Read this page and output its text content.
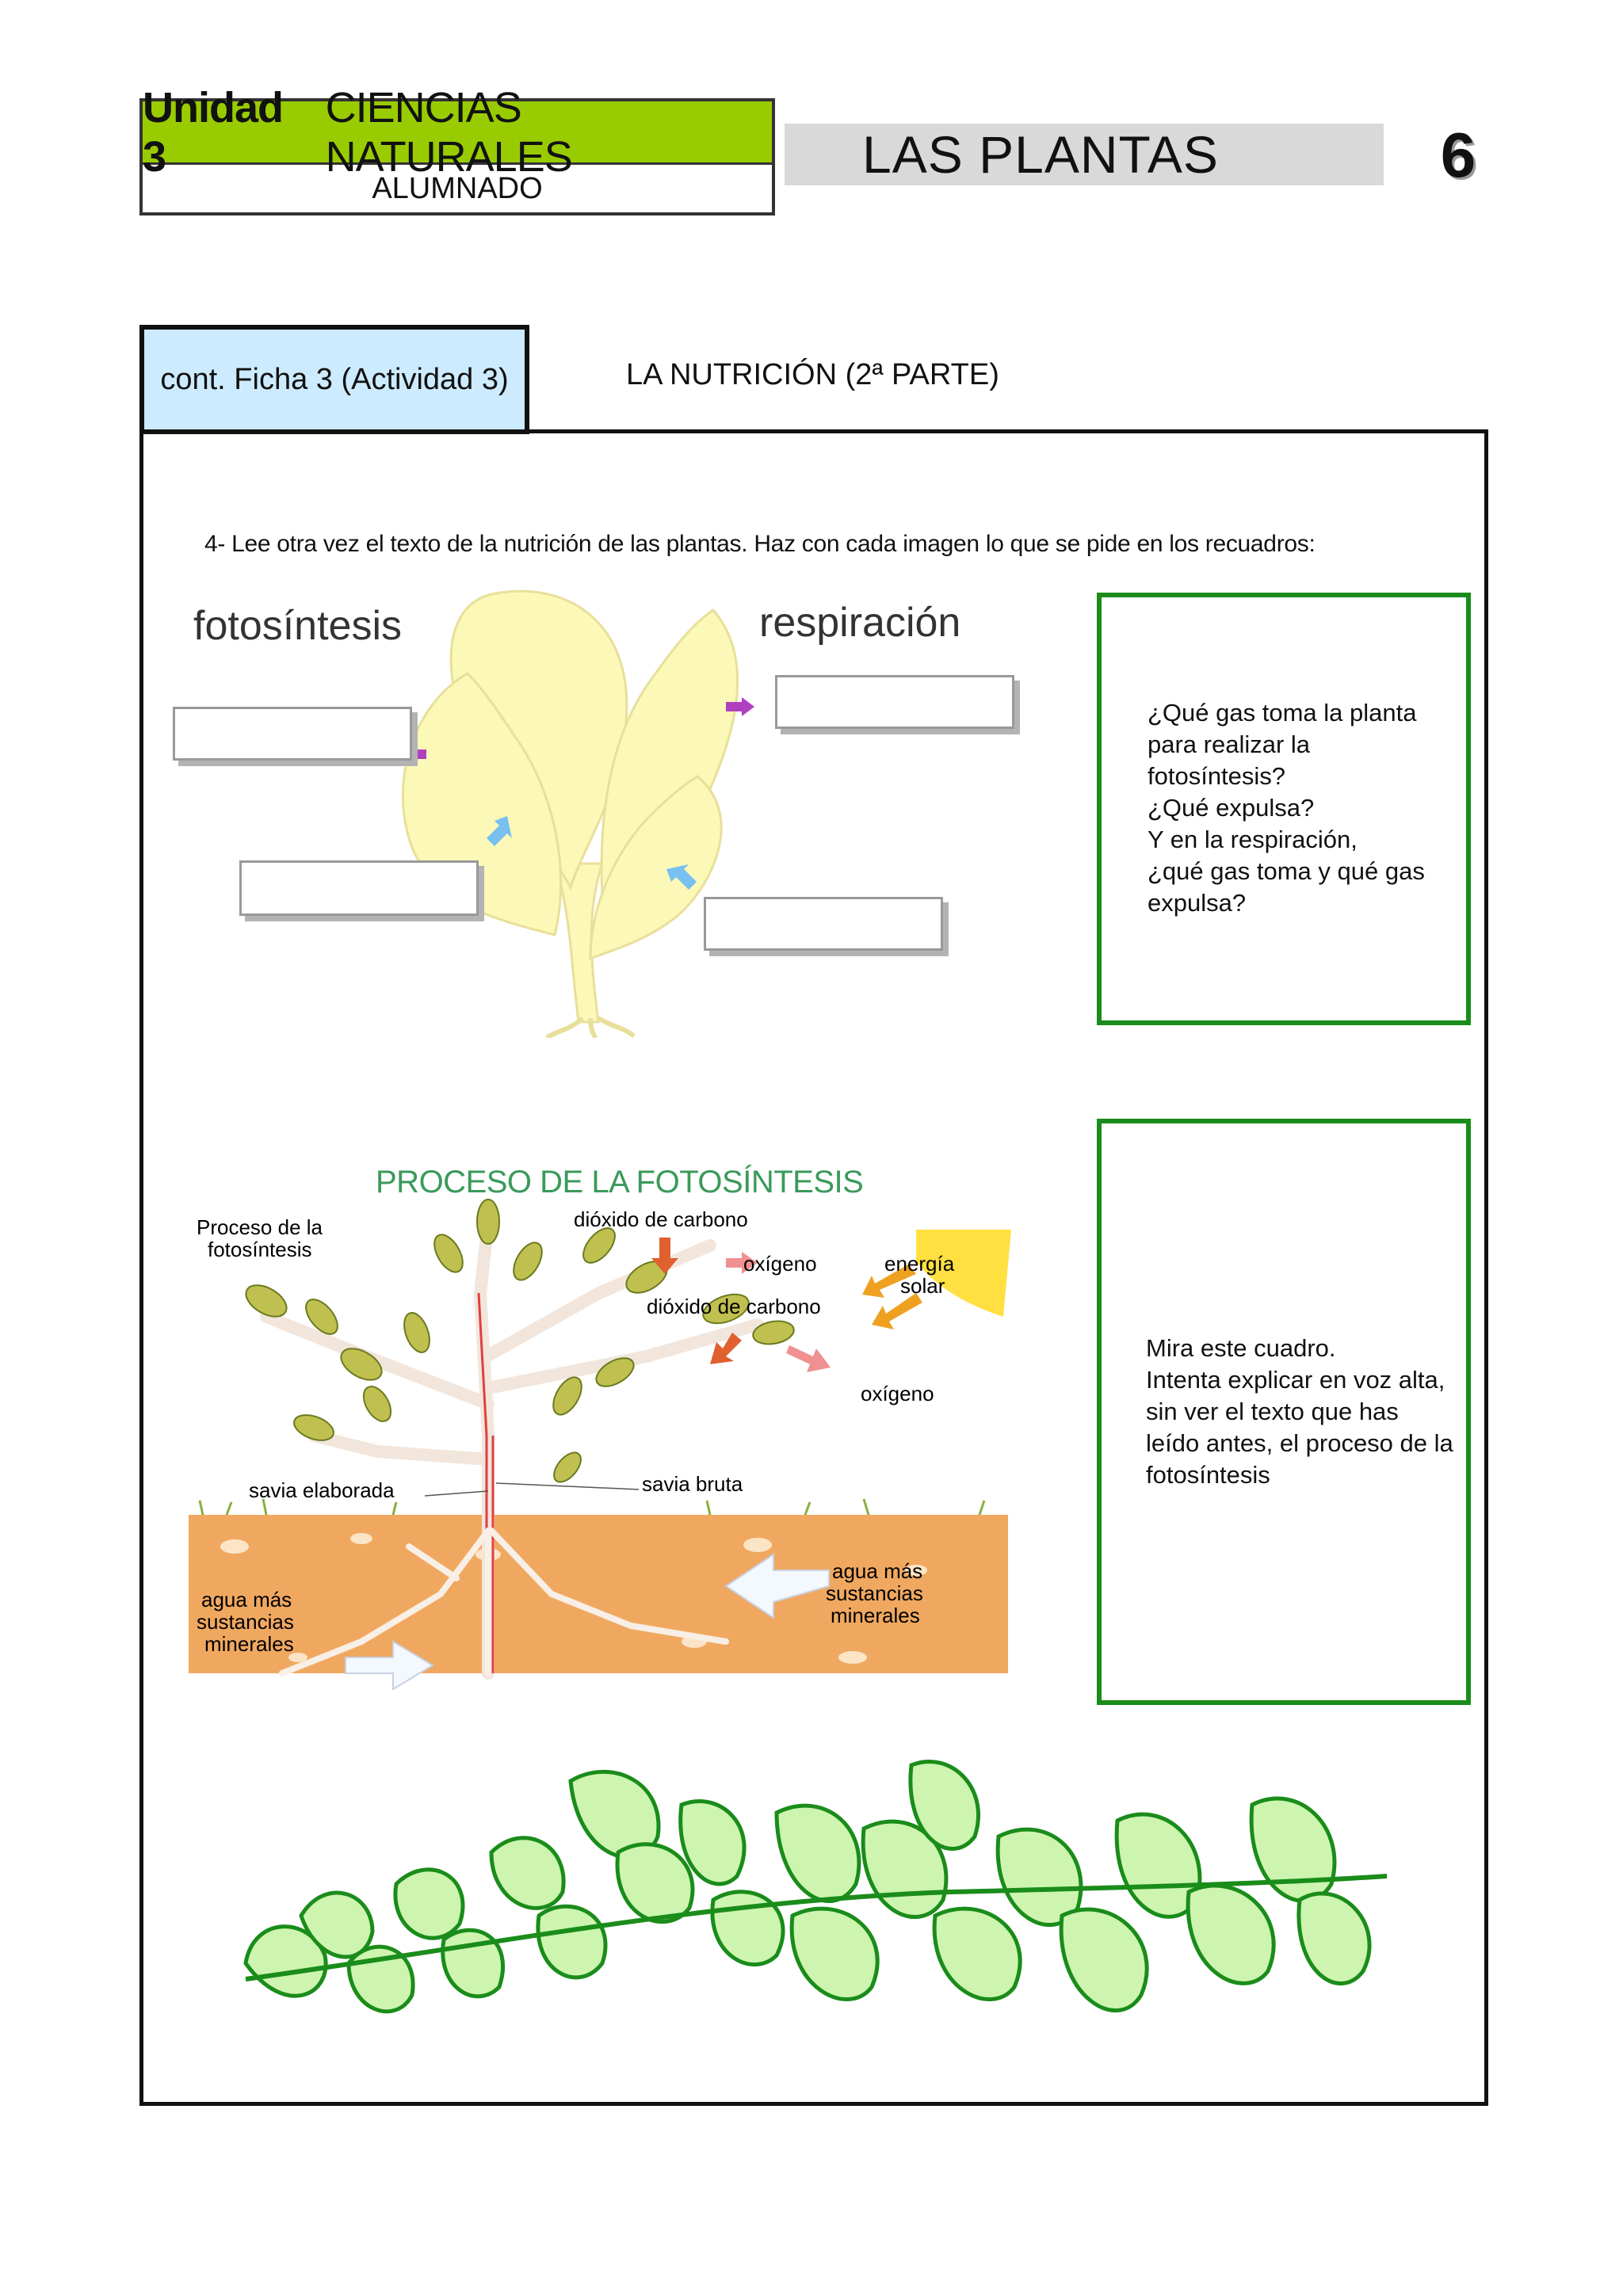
Unidad 3
CIENCIAS NATURALES
ALUMNADO
LAS PLANTAS	6
cont. Ficha 3 (Actividad 3)	LA NUTRICIÓN (2ª PARTE)
4- Lee otra vez el texto de la nutrición de las plantas. Haz con cada imagen lo que se pide en los recuadros:
fotosíntesis	respiración
¿Qué gas toma la planta
para realizar la
fotosíntesis?
¿Qué expulsa?
Y en la respiración,
¿qué gas toma y qué gas
expulsa?
PROCESO DE LA FOTOSÍNTESIS
Proceso de la
fotosíntesis
dióxido de carbono
oxígeno	energía
solar
dióxido de carbono
oxígeno
savia elaborada	savia bruta
agua más
sustancias
minerales
agua más
sustancias
minerales
Mira este cuadro.
Intenta explicar en voz alta,
sin ver el texto que has
leído antes, el proceso de la
fotosíntesis
